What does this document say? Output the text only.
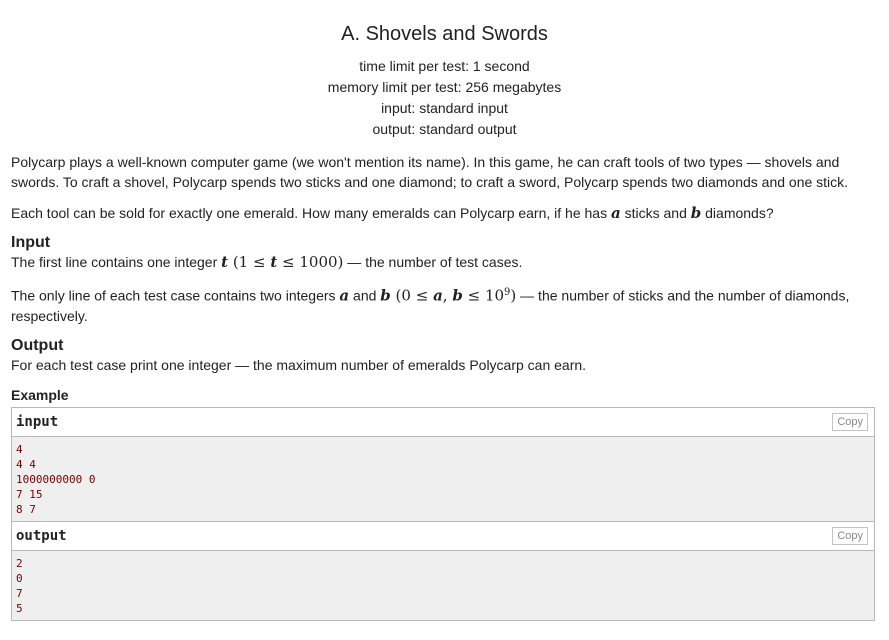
A. Shovels and Swords
time limit per test: 1 second
memory limit per test: 256 megabytes
input: standard input
output: standard output

Polycarp plays a well-known computer game (we won't mention its name). In this game, he can craft tools of two types — shovels and swords. To craft a shovel, Polycarp spends two sticks and one diamond; to craft a sword, Polycarp spends two diamonds and one stick.

Each tool can be sold for exactly one emerald. How many emeralds can Polycarp earn, if he has a sticks and b diamonds?

Input

The first line contains one integer t (1 ≤ t ≤ 1000) — the number of test cases.

The only line of each test case contains two integers a and b (0 ≤ a, $b \le 10^9$) — the number of sticks and the number of diamonds, respectively.

Output

For each test case print one integer — the maximum number of emeralds Polycarp can earn.

Example
input	Copy
4
4 4
1000000000 0
7 15
8 7
output	Copy
2
0
7
5
